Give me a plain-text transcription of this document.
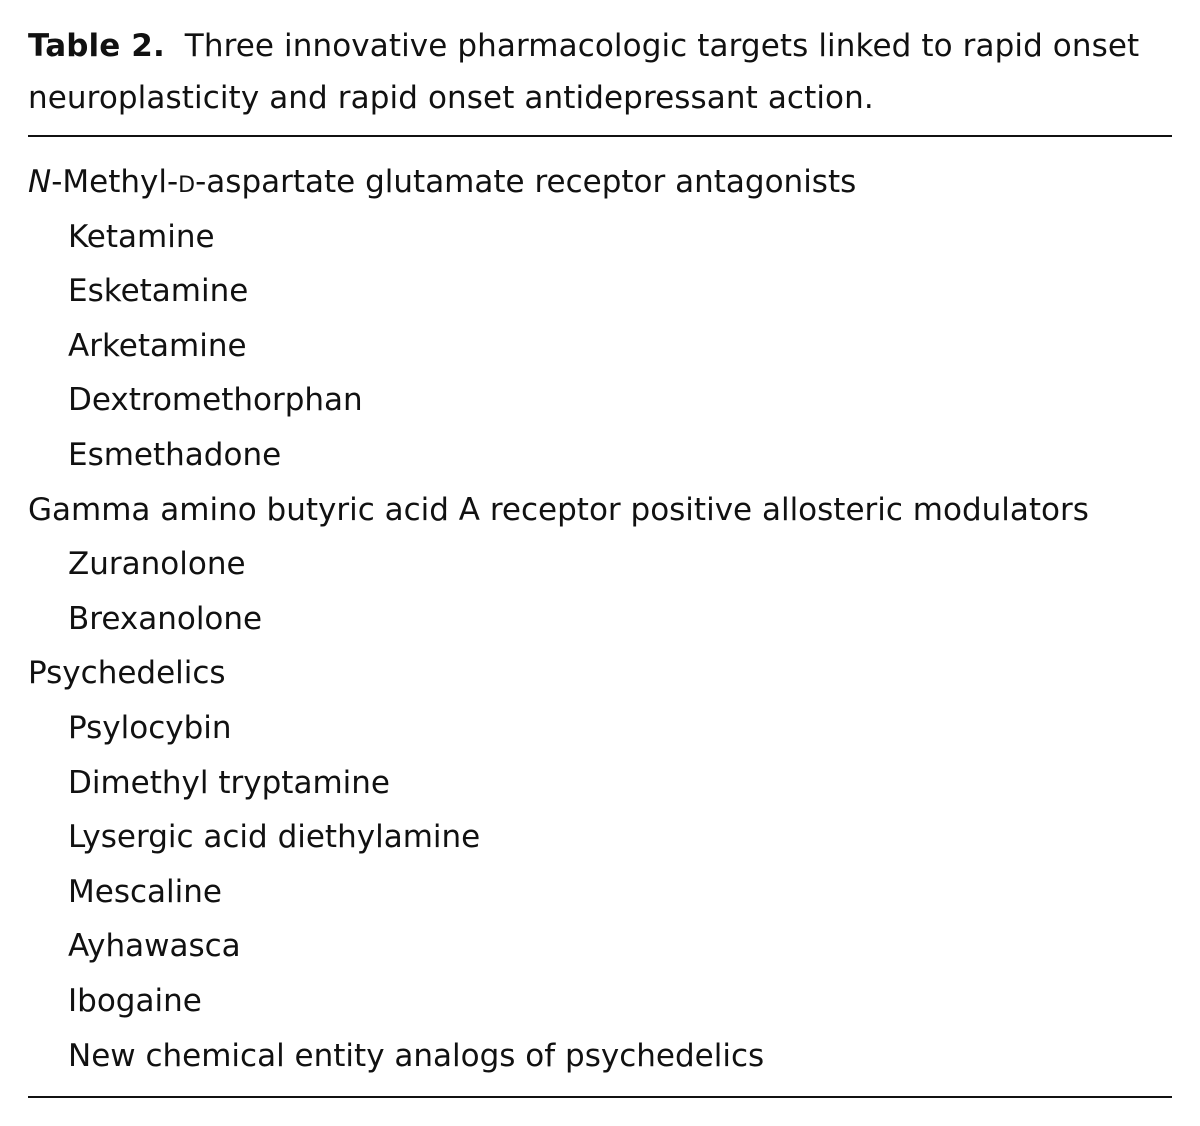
Table 2. Three innovative pharmacologic targets linked to rapid onset neuroplasticity and rapid onset antidepressant action.
N-Methyl-d-aspartate glutamate receptor antagonists
Ketamine
Esketamine
Arketamine
Dextromethorphan
Esmethadone
Gamma amino butyric acid A receptor positive allosteric modulators
Zuranolone
Brexanolone
Psychedelics
Psylocybin
Dimethyl tryptamine
Lysergic acid diethylamine
Mescaline
Ayhawasca
Ibogaine
New chemical entity analogs of psychedelics
